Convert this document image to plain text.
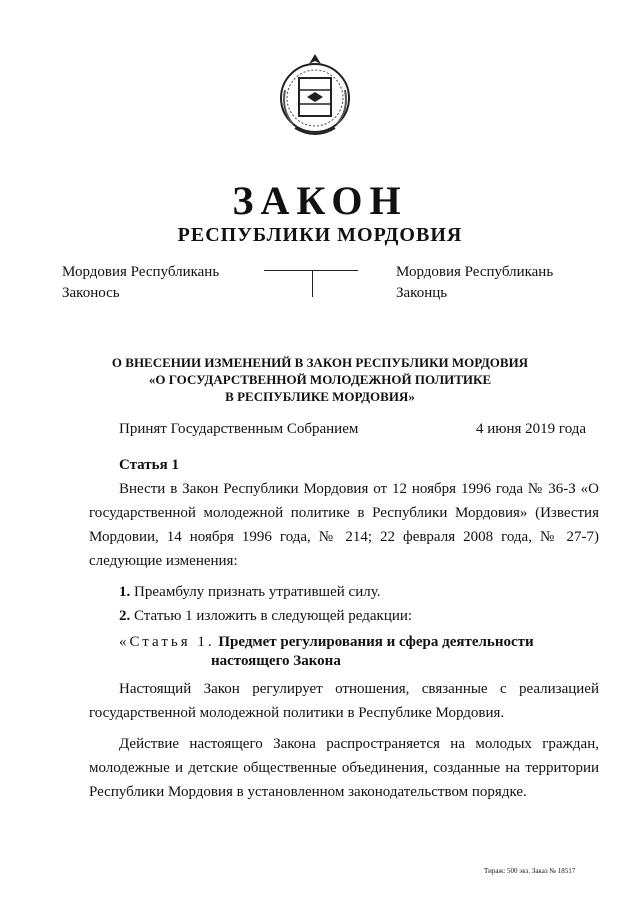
ЗАКОН
РЕСПУБЛИКИ МОРДОВИЯ
Мордовия Республикань
Законось
Мордовия Республикань
Законць
О ВНЕСЕНИИ ИЗМЕНЕНИЙ В ЗАКОН РЕСПУБЛИКИ МОРДОВИЯ
«О ГОСУДАРСТВЕННОЙ МОЛОДЕЖНОЙ ПОЛИТИКЕ
В РЕСПУБЛИКЕ МОРДОВИЯ»
Принят Государственным Собранием	4 июня 2019 года
Статья 1
Внести в Закон Республики Мордовия от 12 ноября 1996 года № 36-З «О государственной молодежной политике в Республики Мордовия» (Известия Мордовии, 14 ноября 1996 года, № 214; 22 февраля 2008 года, № 27-7) следующие изменения:
1. Преамбулу признать утратившей силу.
2. Статью 1 изложить в следующей редакции:
«Статья 1. Предмет регулирования и сфера деятельности
настоящего Закона
Настоящий Закон регулирует отношения, связанные с реализацией государственной молодежной политики в Республике Мордовия.
Действие настоящего Закона распространяется на молодых граждан, молодежные и детские общественные объединения, созданные на территории Республики Мордовия в установленном законодательством порядке.
Тираж: 500 экз. Заказ № 18517
